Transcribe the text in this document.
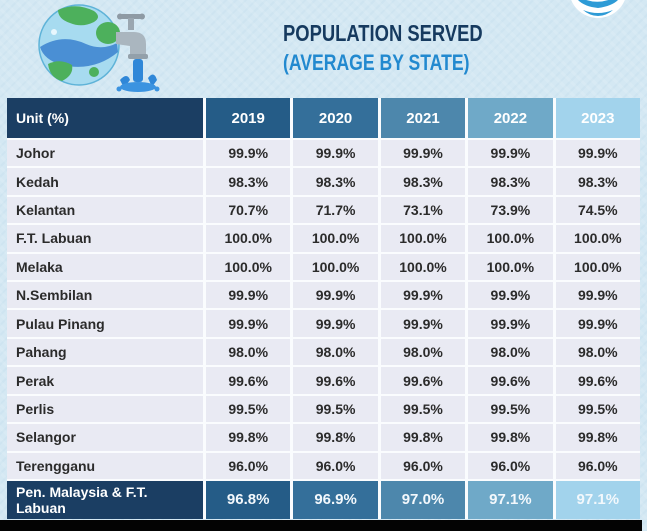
POPULATION SERVED
(AVERAGE BY STATE)
Unit (%)	2019	2020	2021	2022	2023
Johor	99.9%	99.9%	99.9%	99.9%	99.9%
Kedah	98.3%	98.3%	98.3%	98.3%	98.3%
Kelantan	70.7%	71.7%	73.1%	73.9%	74.5%
F.T. Labuan	100.0%	100.0%	100.0%	100.0%	100.0%
Melaka	100.0%	100.0%	100.0%	100.0%	100.0%
N.Sembilan	99.9%	99.9%	99.9%	99.9%	99.9%
Pulau Pinang	99.9%	99.9%	99.9%	99.9%	99.9%
Pahang	98.0%	98.0%	98.0%	98.0%	98.0%
Perak	99.6%	99.6%	99.6%	99.6%	99.6%
Perlis	99.5%	99.5%	99.5%	99.5%	99.5%
Selangor	99.8%	99.8%	99.8%	99.8%	99.8%
Terengganu	96.0%	96.0%	96.0%	96.0%	96.0%
Pen. Malaysia & F.T. Labuan	96.8%	96.9%	97.0%	97.1%	97.1%
